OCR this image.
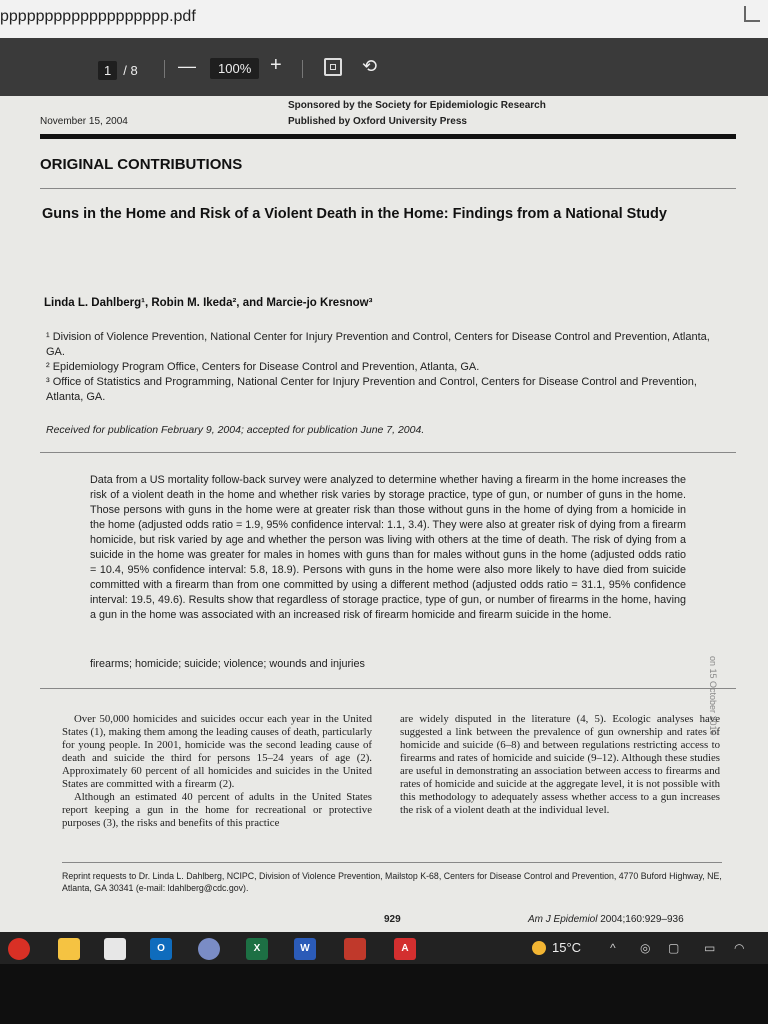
ppppppppppppppppppp.pdf
1 / 8 —	100% +	⟲
November 15, 2004
Sponsored by the Society for Epidemiologic Research
Published by Oxford University Press
ORIGINAL CONTRIBUTIONS
Guns in the Home and Risk of a Violent Death in the Home: Findings from a National Study
Linda L. Dahlberg¹, Robin M. Ikeda², and Marcie-jo Kresnow³
¹ Division of Violence Prevention, National Center for Injury Prevention and Control, Centers for Disease Control and Prevention, Atlanta, GA.
² Epidemiology Program Office, Centers for Disease Control and Prevention, Atlanta, GA.
³ Office of Statistics and Programming, National Center for Injury Prevention and Control, Centers for Disease Control and Prevention, Atlanta, GA.
Received for publication February 9, 2004; accepted for publication June 7, 2004.
Data from a US mortality follow-back survey were analyzed to determine whether having a firearm in the home increases the risk of a violent death in the home and whether risk varies by storage practice, type of gun, or number of guns in the home. Those persons with guns in the home were at greater risk than those without guns in the home of dying from a homicide in the home (adjusted odds ratio = 1.9, 95% confidence interval: 1.1, 3.4). They were also at greater risk of dying from a firearm homicide, but risk varied by age and whether the person was living with others at the time of death. The risk of dying from a suicide in the home was greater for males in homes with guns than for males without guns in the home (adjusted odds ratio = 10.4, 95% confidence interval: 5.8, 18.9). Persons with guns in the home were also more likely to have died from suicide committed with a firearm than from one committed by using a different method (adjusted odds ratio = 31.1, 95% confidence interval: 19.5, 49.6). Results show that regardless of storage practice, type of gun, or number of firearms in the home, having a gun in the home was associated with an increased risk of firearm homicide and firearm suicide in the home.
firearms; homicide; suicide; violence; wounds and injuries

Over 50,000 homicides and suicides occur each year in the United States (1), making them among the leading causes of death, particularly for young people. In 2001, homicide was the second leading cause of death and suicide the third for persons 15–24 years of age (2). Approximately 60 percent of all homicides and suicides in the United States are committed with a firearm (2).

Although an estimated 40 percent of adults in the United States report keeping a gun in the home for recreational or protective purposes (3), the risks and benefits of this practice

are widely disputed in the literature (4, 5). Ecologic analyses have suggested a link between the prevalence of gun ownership and rates of homicide and suicide (6–8) and between regulations restricting access to firearms and rates of homicide and suicide (9–12). Although these studies are useful in demonstrating an association between access to firearms and rates of homicide and suicide at the aggregate level, it is not possible with this methodology to adequately assess whether access to a gun increases the risk of a violent death at the individual level.

Reprint requests to Dr. Linda L. Dahlberg, NCIPC, Division of Violence Prevention, Mailstop K-68, Centers for Disease Control and Prevention, 4770 Buford Highway, NE, Atlanta, GA 30341 (e-mail: ldahlberg@cdc.gov).
929	Am J Epidemiol 2004;160:929–936
on 15 October 2019
O	X	W	A	15°C ^ ◎ ▢ ▭ ◠
